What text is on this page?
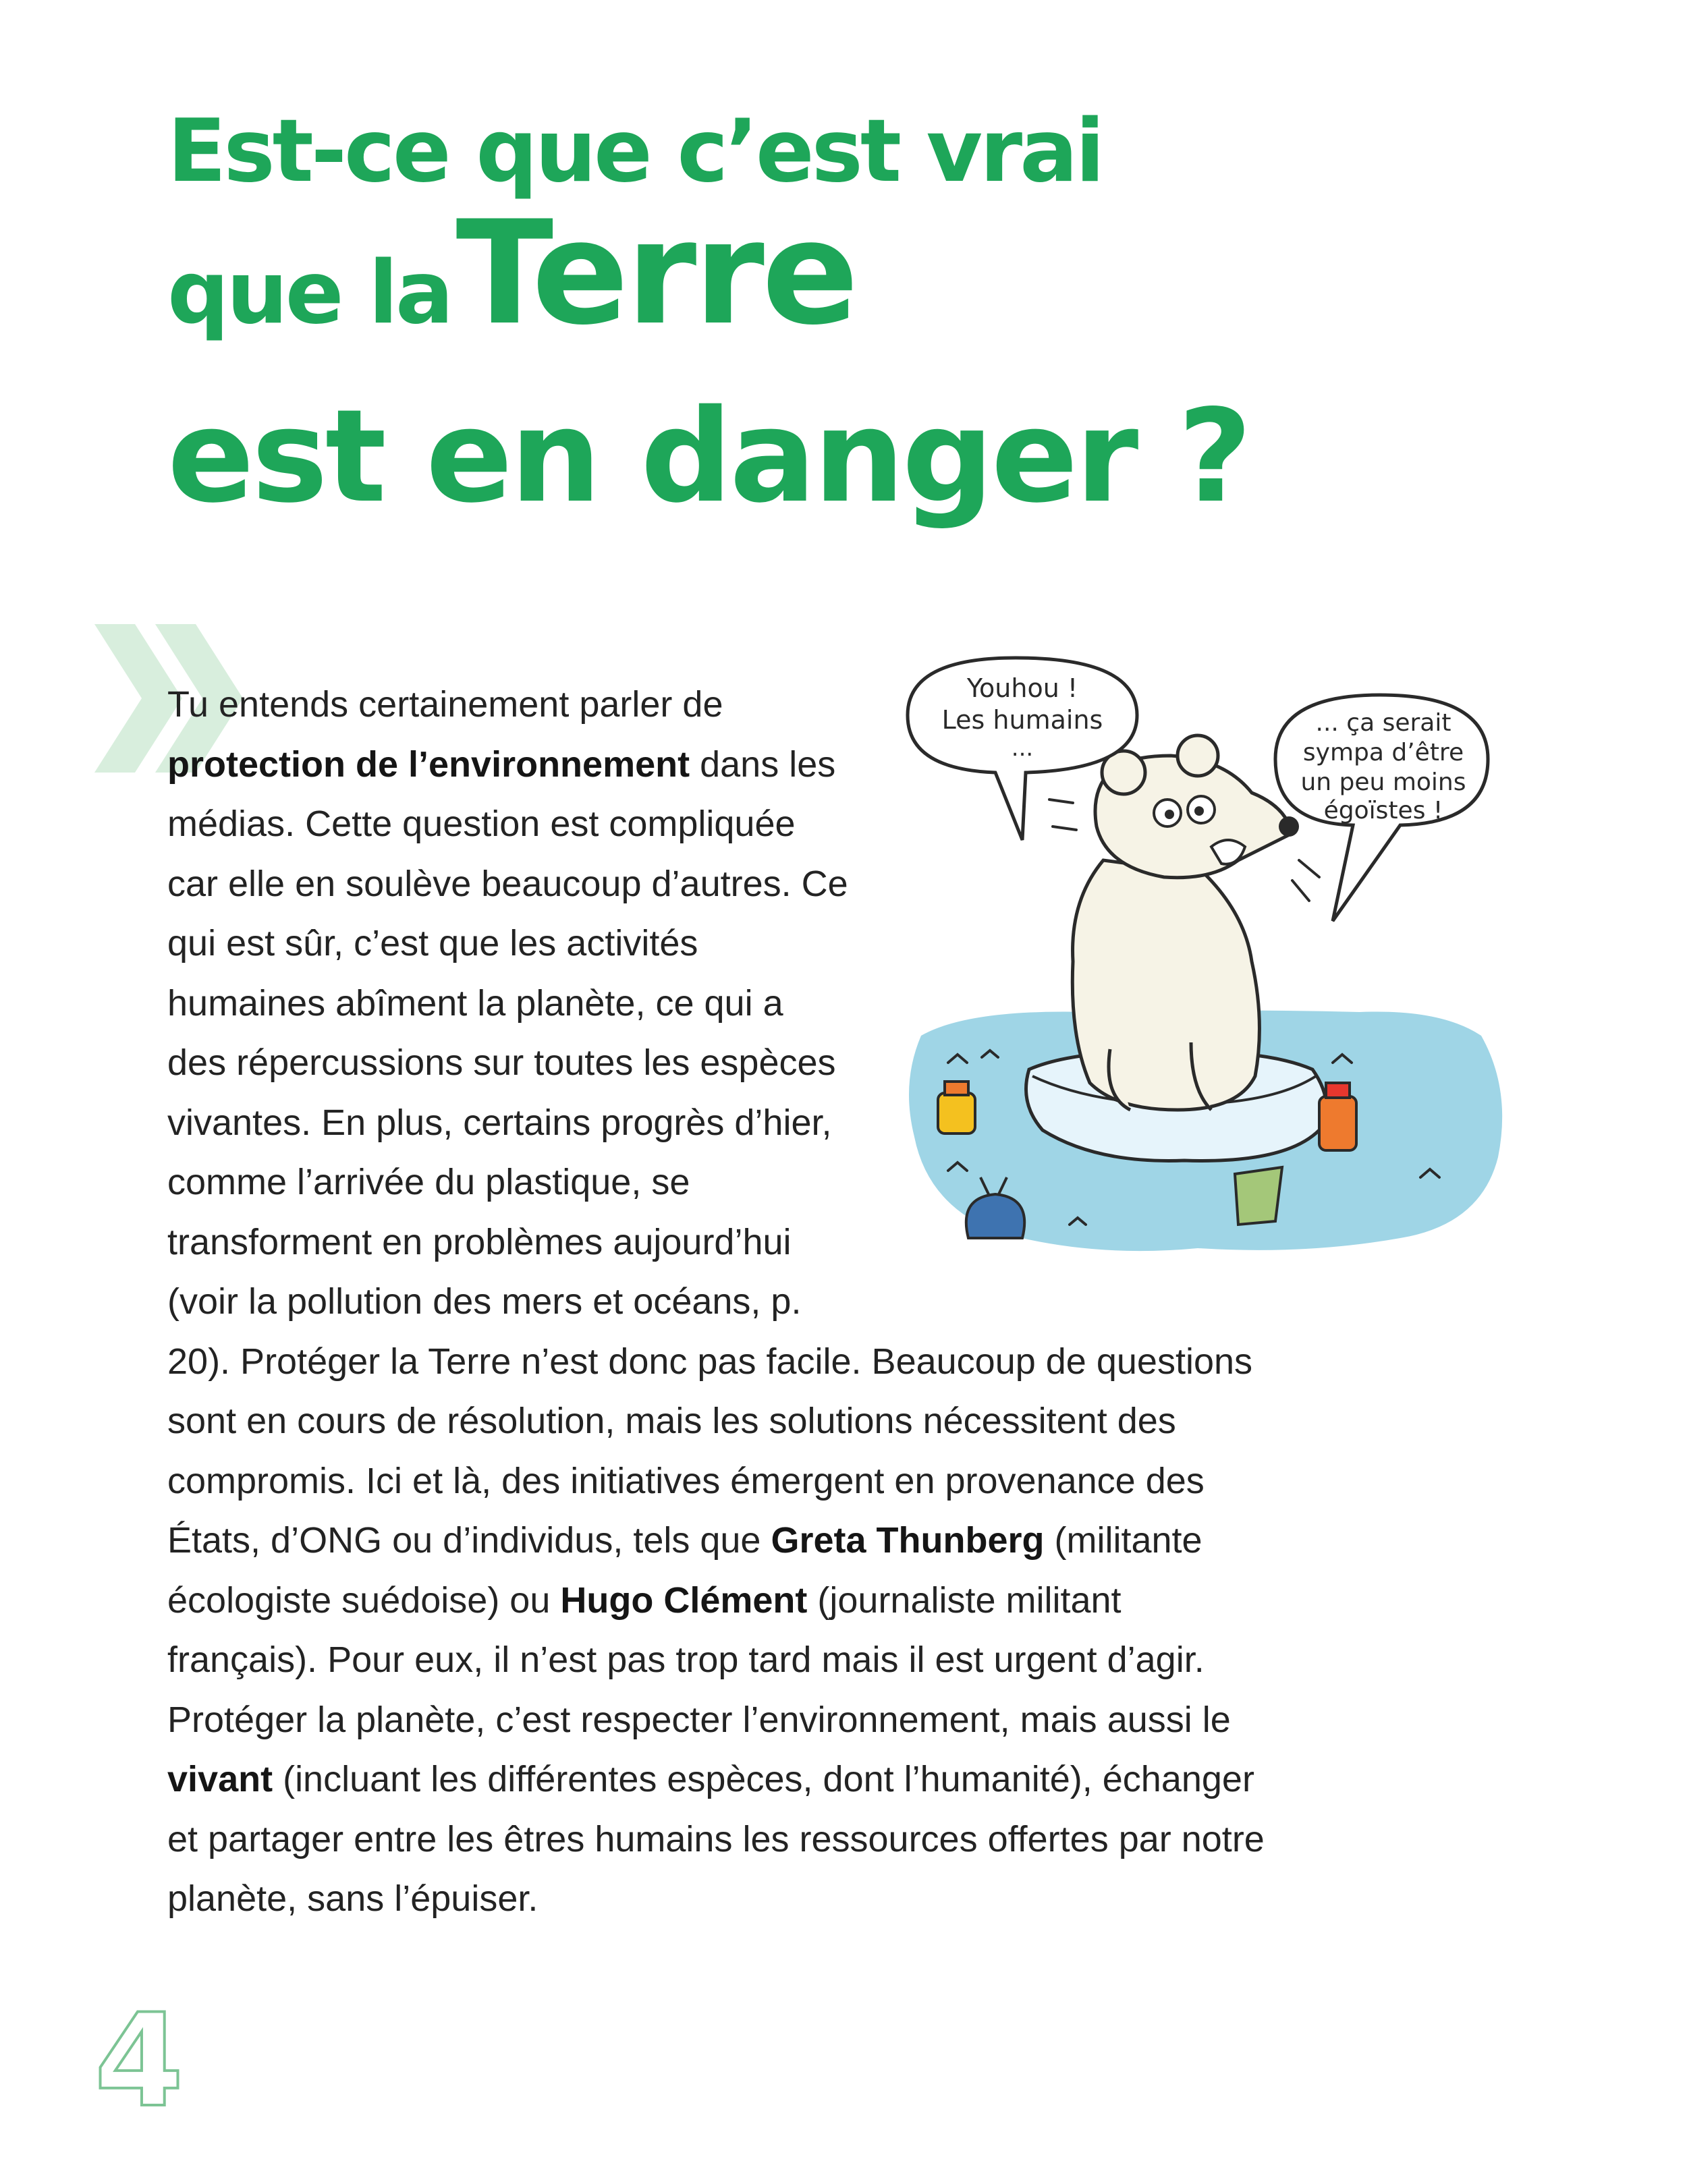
Est-ce que c’est vrai
que la Terre
est en danger ?

Tu entends certainement parler de protection de l’environnement dans les médias. Cette question est compliquée car elle en soulève beaucoup d’autres. Ce qui est sûr, c’est que les activités humaines abîment la planète, ce qui a des répercussions sur toutes les espèces vivantes. En plus, certains progrès d’hier, comme l’arrivée du plastique, se transforment en problèmes aujourd’hui (voir la pollution des mers et océans, p. 20). Protéger la Terre n’est donc pas facile. Beaucoup de questions sont en cours de résolution, mais les solutions nécessitent des compromis. Ici et là, des initiatives émergent en provenance des États, d’ONG ou d’individus, tels que Greta Thunberg (militante écologiste suédoise) ou Hugo Clément (journaliste militant français). Pour eux, il n’est pas trop tard mais il est urgent d’agir.

Protéger la planète, c’est respecter l’environnement, mais aussi le vivant (incluant les différentes espèces, dont l’humanité), échanger et partager entre les êtres humains les ressources offertes par notre planète, sans l’épuiser.

Youhou !
Les humains
...
... ça serait
sympa d’être
un peu moins
égoïstes !

4
